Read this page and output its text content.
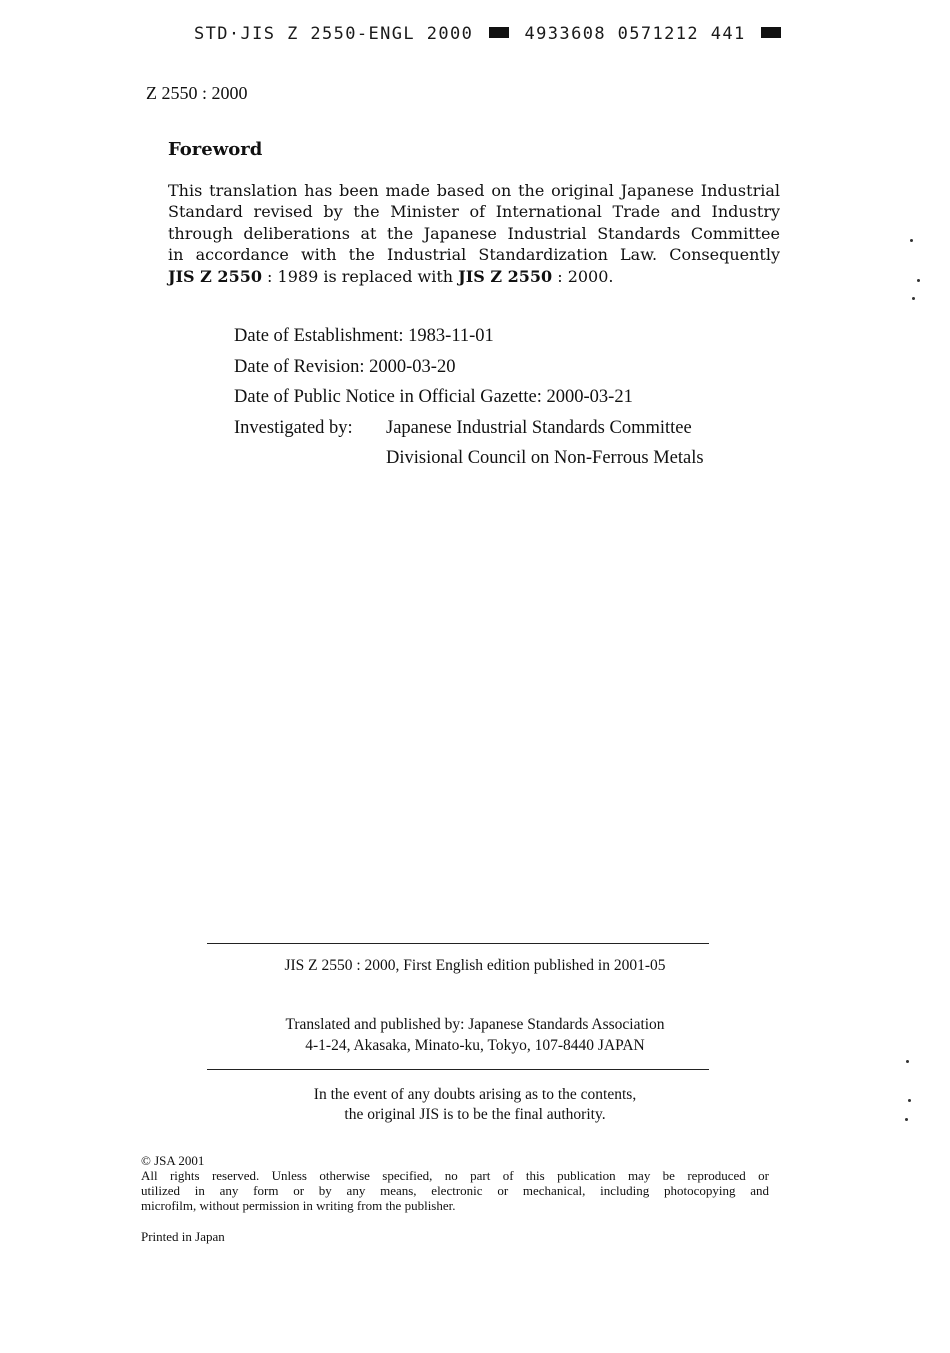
STD·JIS Z 2550-ENGL 2000	4933608 0571212 441
Z 2550 : 2000
Foreword
This translation has been made based on the original Japanese Industrial
Standard revised by the Minister of International Trade and Industry
through deliberations at the Japanese Industrial Standards Committee
in accordance with the Industrial Standardization Law. Consequently
JIS Z 2550 : 1989 is replaced with JIS Z 2550 : 2000.
Date of Establishment: 1983-11-01
Date of Revision: 2000-03-20
Date of Public Notice in Official Gazette: 2000-03-21
Investigated by: Japanese Industrial Standards Committee
Divisional Council on Non-Ferrous Metals
JIS Z 2550 : 2000, First English edition published in 2001-05
Translated and published by: Japanese Standards Association
4-1-24, Akasaka, Minato-ku, Tokyo, 107-8440 JAPAN
In the event of any doubts arising as to the contents,
the original JIS is to be the final authority.
© JSA 2001
All rights reserved. Unless otherwise specified, no part of this publication may be reproduced or
utilized in any form or by any means, electronic or mechanical, including photocopying and
microfilm, without permission in writing from the publisher.
Printed in Japan
